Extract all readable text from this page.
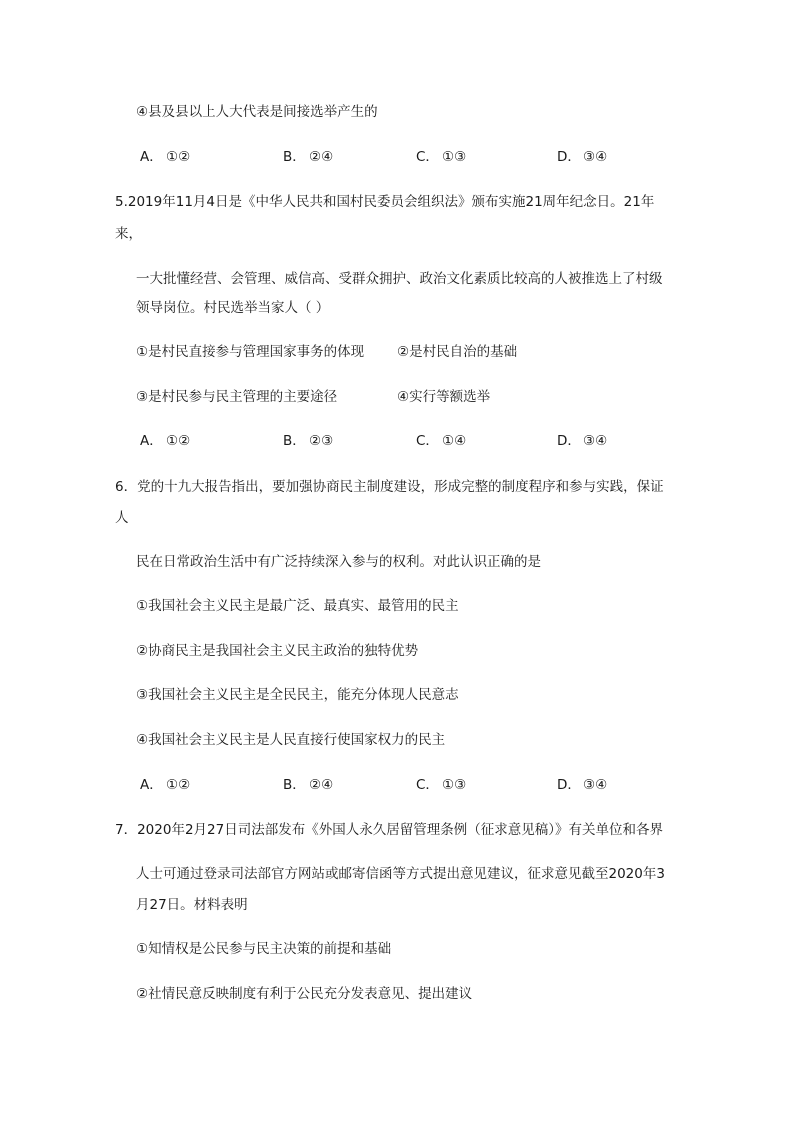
④县及县以上人大代表是间接选举产生的
A． ①②	B． ②④	C． ①③	D． ③④
5.2019年11月4日是《中华人民共和国村民委员会组织法》颁布实施21周年纪念日。21年
来，
一大批懂经营、会管理、威信高、受群众拥护、政治文化素质比较高的人被推选上了村级
领导岗位。村民选举当家人（ ）
①是村民直接参与管理国家事务的体现 ②是村民自治的基础
③是村民参与民主管理的主要途径	④实行等额选举
A． ①②	B． ②③	C． ①④	D． ③④
6．党的十九大报告指出，要加强协商民主制度建设，形成完整的制度程序和参与实践，保证
人
民在日常政治生活中有广泛持续深入参与的权利。对此认识正确的是
①我国社会主义民主是最广泛、最真实、最管用的民主
②协商民主是我国社会主义民主政治的独特优势
③我国社会主义民主是全民民主，能充分体现人民意志
④我国社会主义民主是人民直接行使国家权力的民主
A． ①②	B． ②④	C． ①③	D． ③④
7．2020年2月27日司法部发布《外国人永久居留管理条例（征求意见稿）》有关单位和各界
人士可通过登录司法部官方网站或邮寄信函等方式提出意见建议，征求意见截至2020年3
月27日。材料表明
①知情权是公民参与民主决策的前提和基础
②社情民意反映制度有利于公民充分发表意见、提出建议
